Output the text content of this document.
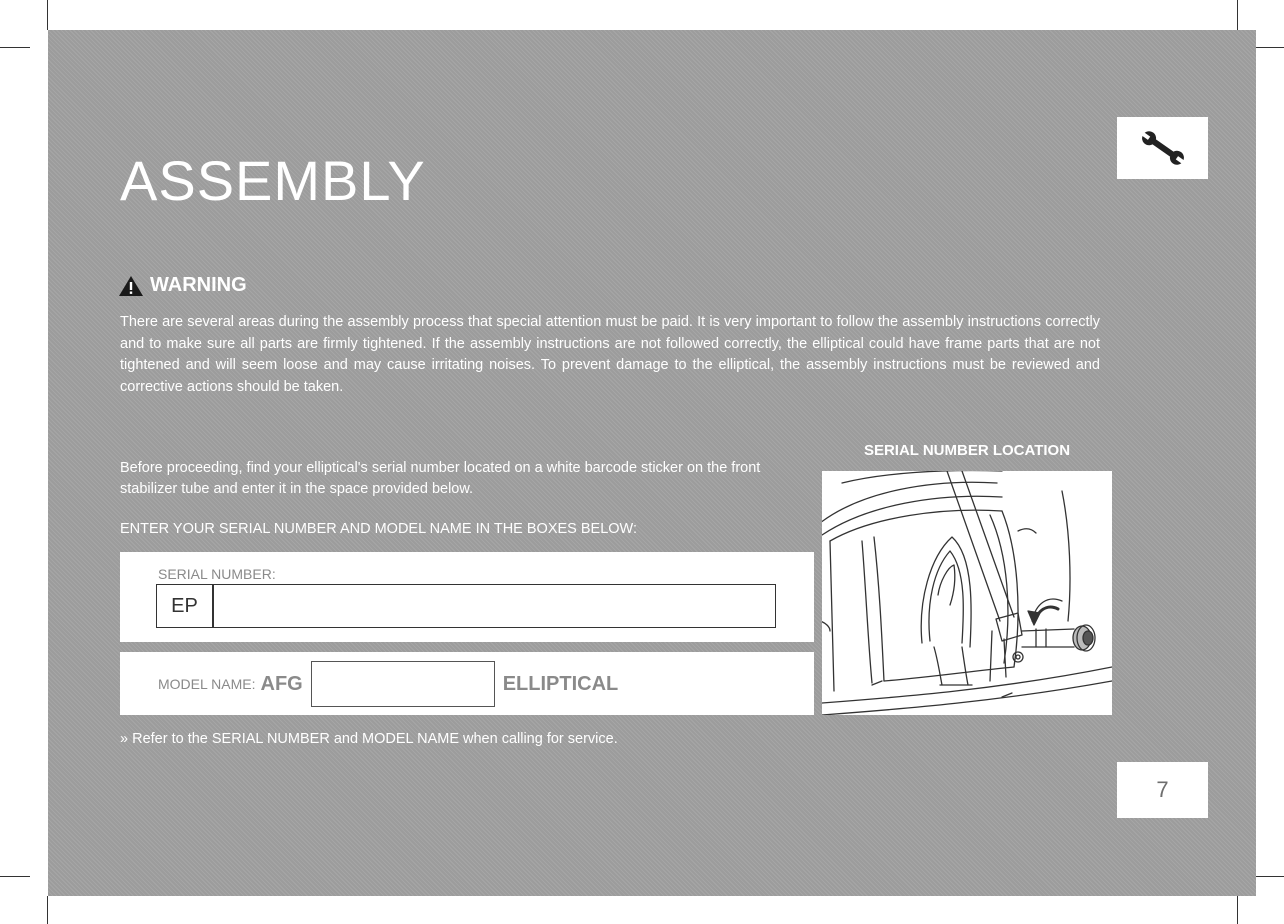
ASSEMBLY
WARNING

There are several areas during the assembly process that special attention must be paid. It is very important to follow the assembly instructions correctly and to make sure all parts are firmly tightened. If the assembly instructions are not followed correctly, the elliptical could have frame parts that are not tightened and will seem loose and may cause irritating noises. To prevent damage to the elliptical, the assembly instructions must be reviewed and corrective actions should be taken.

Before proceeding, find your elliptical's serial number located on a white barcode sticker on the front stabilizer tube and enter it in the space provided below.

ENTER YOUR SERIAL NUMBER AND MODEL NAME IN THE BOXES BELOW:

SERIAL NUMBER:
EP
MODEL NAME: AFG	ELLIPTICAL

» Refer to the SERIAL NUMBER and MODEL NAME when calling for service.

SERIAL NUMBER LOCATION
7
